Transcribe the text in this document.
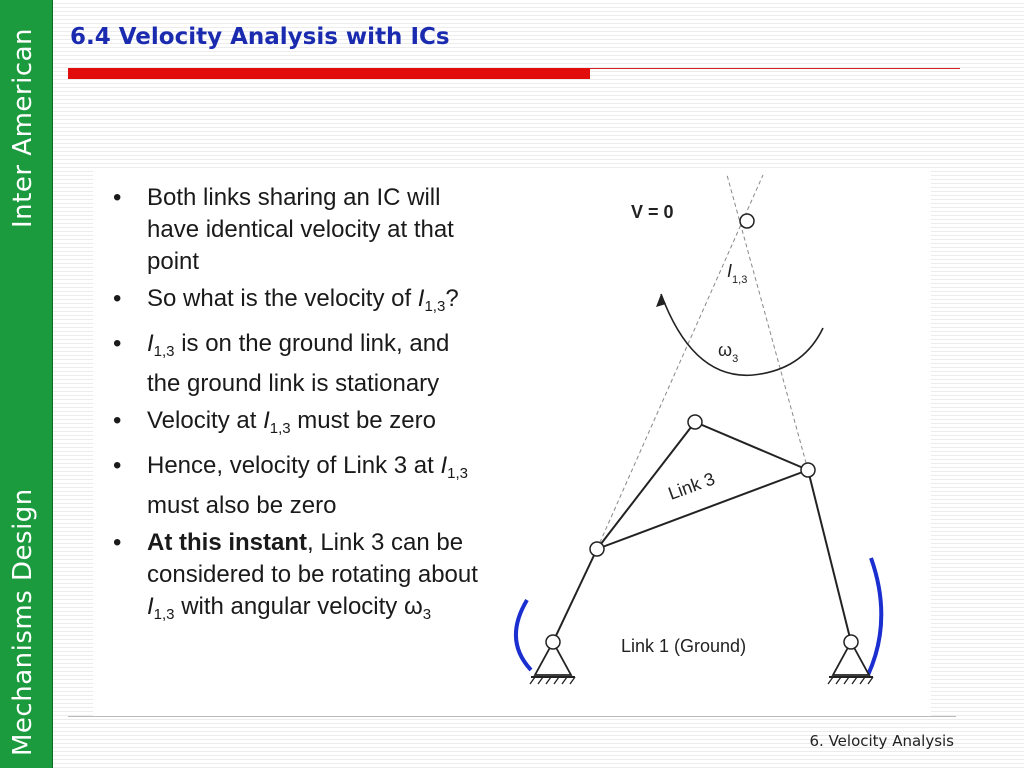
Inter American
Mechanisms Design
6.4 Velocity Analysis with ICs
• Both links sharing an IC will have identical velocity at that point
• So what is the velocity of $I_{1,3}$?
• $I_{1,3}$ is on the ground link, and the ground link is stationary
• Velocity at $I_{1,3}$ must be zero
• Hence, velocity of Link 3 at $I_{1,3}$ must also be zero
• At this instant, Link 3 can be considered to be rotating about $I_{1,3}$ with angular velocity $\omega_3$
V = 0
$I_{1,3}$
$\omega_3$
Link 3
Link 1 (Ground)
6. Velocity Analysis
